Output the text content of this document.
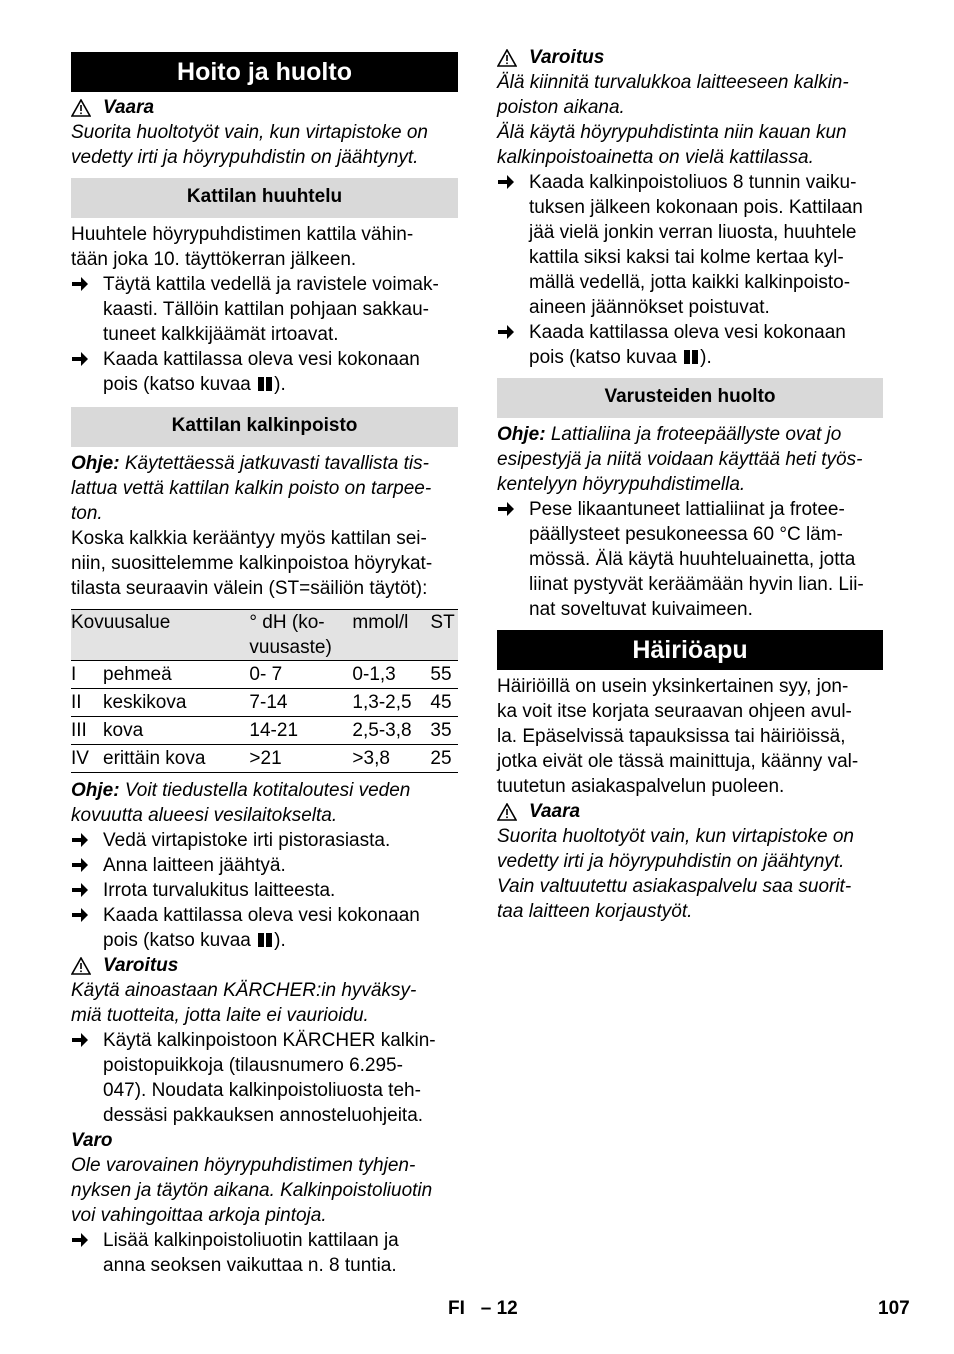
Hoito ja huolto
Vaara

Suorita huoltotyöt vain, kun virtapistoke on
vedetty irti ja höyrypuhdistin on jäähtynyt.

Kattilan huuhtelu

Huuhtele höyrypuhdistimen kattila vähin-
tään joka 10. täyttökerran jälkeen.

Täytä kattila vedellä ja ravistele voimak-
kaasti. Tällöin kattilan pohjaan sakkau-
tuneet kalkkijäämät irtoavat.
Kaada kattilassa oleva vesi kokonaan
pois (katso kuvaa ).
Kattilan kalkinpoisto

Ohje: Käytettäessä jatkuvasti tavallista tis-
lattua vettä kattilan kalkin poisto on tarpee-
ton.

Koska kalkkia kerääntyy myös kattilan sei-
niin, suosittelemme kalkinpoistoa höyrykat-
tilasta seuraavin välein (ST=säiliön täytöt):

Kovuusalue		° dH (ko-
vuusaste)	mmol/l	ST
I	pehmeä	0- 7	0-1,3	55
II	keskikova	7-14	1,3-2,5	45
III	kova	14-21	2,5-3,8	35
IV	erittäin kova	>21	>3,8	25

Ohje: Voit tiedustella kotitaloutesi veden
kovuutta alueesi vesilaitokselta.

Vedä virtapistoke irti pistorasiasta.
Anna laitteen jäähtyä.
Irrota turvalukitus laitteesta.
Kaada kattilassa oleva vesi kokonaan
pois (katso kuvaa ).
Varoitus

Käytä ainoastaan KÄRCHER:in hyväksy-
miä tuotteita, jotta laite ei vaurioidu.

Käytä kalkinpoistoon KÄRCHER kalkin-
poistopuikkoja (tilausnumero 6.295-
047). Noudata kalkinpoistoliuosta teh-
dessäsi pakkauksen annosteluohjeita.

Varo

Ole varovainen höyrypuhdistimen tyhjen-
nyksen ja täytön aikana. Kalkinpoistoliuotin
voi vahingoittaa arkoja pintoja.

Lisää kalkinpoistoliuotin kattilaan ja
anna seoksen vaikuttaa n. 8 tuntia.
Varoitus

Älä kiinnitä turvalukkoa laitteeseen kalkin-
poiston aikana.
Älä käytä höyrypuhdistinta niin kauan kun
kalkinpoistoainetta on vielä kattilassa.

Kaada kalkinpoistoliuos 8 tunnin vaiku-
tuksen jälkeen kokonaan pois. Kattilaan
jää vielä jonkin verran liuosta, huuhtele
kattila siksi kaksi tai kolme kertaa kyl-
mällä vedellä, jotta kaikki kalkinpoisto-
aineen jäännökset poistuvat.
Kaada kattilassa oleva vesi kokonaan
pois (katso kuvaa ).
Varusteiden huolto

Ohje: Lattialiina ja froteepäällyste ovat jo
esipestyjä ja niitä voidaan käyttää heti työs-
kentelyyn höyrypuhdistimella.

Pese likaantuneet lattialiinat ja frotee-
päällysteet pesukoneessa 60 °C läm-
mössä. Älä käytä huuhteluainetta, jotta
liinat pystyvät keräämään hyvin lian. Lii-
nat soveltuvat kuivaimeen.
Häiriöapu

Häiriöillä on usein yksinkertainen syy, jon-
ka voit itse korjata seuraavan ohjeen avul-
la. Epäselvissä tapauksissa tai häiriöissä,
jotka eivät ole tässä mainittuja, käänny val-
tuutetun asiakaspalvelun puoleen.

Vaara

Suorita huoltotyöt vain, kun virtapistoke on
vedetty irti ja höyrypuhdistin on jäähtynyt.
Vain valtuutettu asiakaspalvelu saa suorit-
taa laitteen korjaustyöt.

FI   – 12	107
